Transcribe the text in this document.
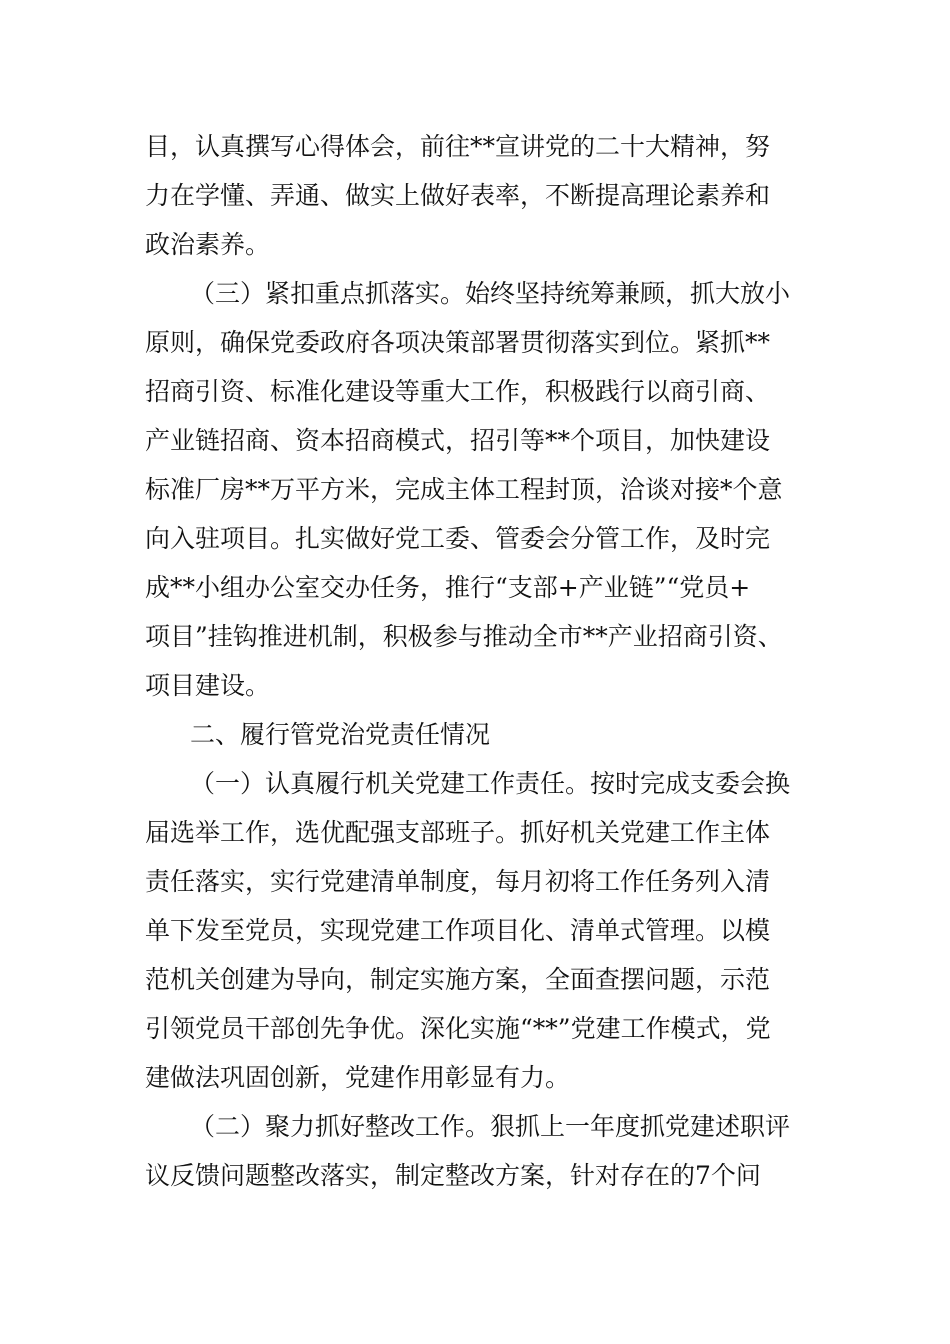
目，认真撰写心得体会，前往**宣讲党的二十大精神，努
力在学懂、弄通、做实上做好表率，不断提高理论素养和
政治素养。
（三）紧扣重点抓落实。始终坚持统筹兼顾，抓大放小
原则，确保党委政府各项决策部署贯彻落实到位。紧抓**
招商引资、标准化建设等重大工作，积极践行以商引商、
产业链招商、资本招商模式，招引等**个项目，加快建设
标准厂房**万平方米，完成主体工程封顶，洽谈对接*个意
向入驻项目。扎实做好党工委、管委会分管工作，及时完
成**小组办公室交办任务，推行“支部+产业链”“党员+
项目”挂钩推进机制，积极参与推动全市**产业招商引资、
项目建设。
二、履行管党治党责任情况
（一）认真履行机关党建工作责任。按时完成支委会换
届选举工作，选优配强支部班子。抓好机关党建工作主体
责任落实，实行党建清单制度，每月初将工作任务列入清
单下发至党员，实现党建工作项目化、清单式管理。以模
范机关创建为导向，制定实施方案，全面查摆问题，示范
引领党员干部创先争优。深化实施“**”党建工作模式，党
建做法巩固创新，党建作用彰显有力。
（二）聚力抓好整改工作。狠抓上一年度抓党建述职评
议反馈问题整改落实，制定整改方案，针对存在的7个问
